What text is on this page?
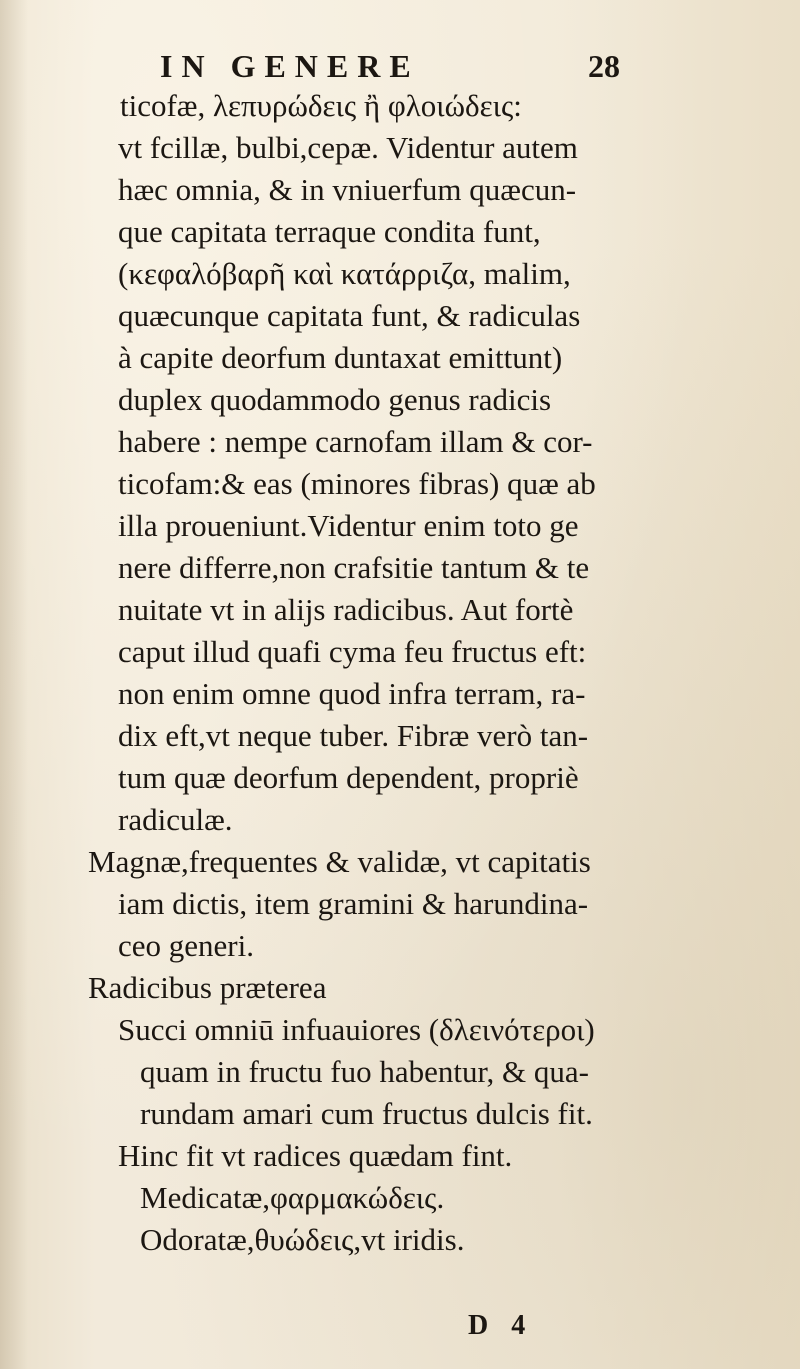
IN GENERE	28
ticofæ, λεπυρώδεις ἢ φλοιώδεις:
vt fcillæ, bulbi,cepæ. Videntur autem
hæc omnia, & in vniuerfum quæcun-
que capitata terraque condita funt,
(κεφαλόβαρῆ καὶ κατάρριζα, malim,
quæcunque capitata funt, & radiculas
à capite deorfum duntaxat emittunt)
duplex quodammodo genus radicis
habere : nempe carnofam illam & cor-
ticofam:& eas (minores fibras) quæ ab
illa proueniunt.Videntur enim toto ge
nere differre,non crafsitie tantum & te
nuitate vt in alijs radicibus. Aut fortè
caput illud quafi cyma feu fructus eft:
non enim omne quod infra terram, ra-
dix eft,vt neque tuber. Fibræ verò tan-
tum quæ deorfum dependent, propriè
radiculæ.
Magnæ,frequentes & validæ, vt capitatis
iam dictis, item gramini & harundina-
ceo generi.
Radicibus præterea
Succi omniū infuauiores (δλεινότεροι)
quam in fructu fuo habentur, & qua-
rundam amari cum fructus dulcis fit.
Hinc fit vt radices quædam fint.
Medicatæ,φαρμακώδεις.
Odoratæ,θυώδεις,vt iridis.
D 4
